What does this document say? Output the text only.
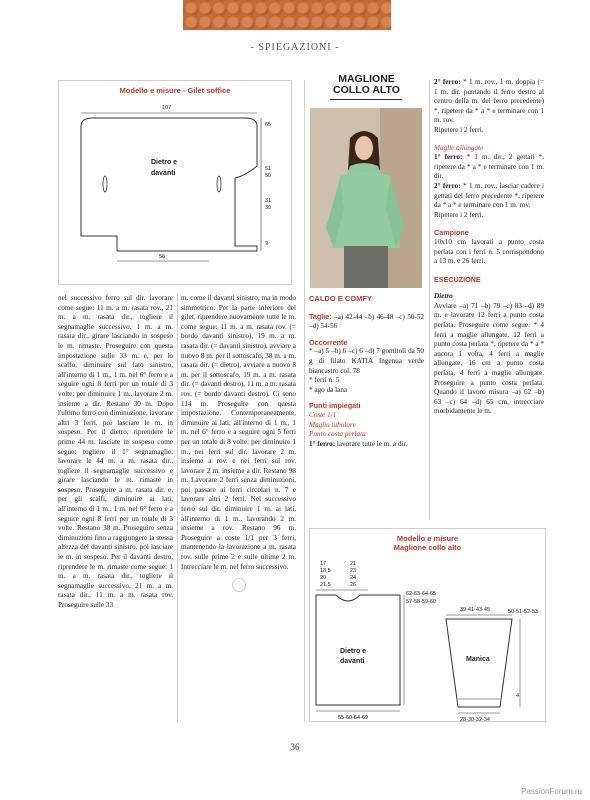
- SPIEGAZIONI -
Modello e misure - Gilet soffice
107
Dietro e
davanti
56
65
51
50
31
30
9

nel successivo ferro sul dir. lavorare come segue: 11 m. a m. rasata rov., 21 m. a m. rasata dir., togliere il segnamaglie successivo, 1 m. a m. rasata dir., girare lasciando in sospeso le m. rimaste. Proseguire con questa impostazione sulle 33 m. e, per lo scalfo, diminuire sul lato sinistro, all'interno di 1 m., 1 m. nel 6° ferro e a seguire ogni 8 ferri per un totale di 3 volte; per diminuire 1 m., lavorare 2 m. insieme a dir. Restano 30 m. Dopo l'ultimo ferro con diminuzione, lavorare altri 3 ferri, poi lasciare le m. in sospeso. Per il dietro, riprendere le prime 44 m. lasciate in sospeso come segue: togliere il 1° segnamaglie, lavorare le 44 m. a m. rasata dir., togliere il segnamaglie successivo e girare lasciando le m. rimaste in sospeso. Proseguire a m. rasata dir. e, per gli scalfi, diminuire ai lati, all'interno di 1 m., 1 m. nel 6° ferro e a seguire ogni 8 ferri per un totale di 3 volte. Restano 38 m. Proseguire senza diminuzioni fino a raggiungere la stessa altezza del davanti sinistro, poi lasciare le m. in sospeso. Per il davanti destro, riprendere le m. rimaste come segue: 1 m. a m. rasata dir., togliere il segnamaglie successivo, 21 m. a m. rasata dir., 11 m. a m. rasata rov. Proseguire sulle 33

m. come il davanti sinistro, ma in modo simmetrico. Per la parte inferiore del gilet, riprendere nuovamente tutte le m. come segue: 11 m. a m. rasata rov. (= bordo davanti sinistro), 19 m. a m. rasata dir. (= davanti sinistro), avviare a nuovo 8 m. per il sottoscafo, 38 m. a m. rasata dir. (= dietro), avviare a nuovo 8 m. per il sottoscafo, 19 m. a m. rasata dir. (= davanti destro), 11 m. a m. rasata rov. (= bordo davanti destro). Ci sono 114 m. Proseguire con questa impostazione. Contemporaneamente, diminuire ai lati, all'interno di 1 m., 1 m. nel 6° ferro e a seguire ogni 5 ferri per un totale di 8 volte: per diminuire 1 m., nei ferri sul dir. lavorare 2 m. insieme a rov. e nei ferri sul rov. lavorare 2 m. insieme a dir. Restano 98 m. Lavorare 2 ferri senza diminuzioni, poi passare ai ferri circolari n. 7 e lavorare altri 2 ferri. Nel successivo ferro sul dir. diminuire 1 m. ai lati, all'interno di 1 m., lavorando 2 m. insieme a rov. Restano 96 m. Proseguire a coste 1/1 per 3 ferri, mantenendo la lavorazione a m. rasata rov. sulle prime 2 e sulle ultime 2 m. Intrecciare le m. nel ferro successivo.

MAGLIONE
COLLO ALTO

CALDO E COMFY

Taglie: –a) 42-44 –b) 46-48 –c) 50-52 –d) 54-56

Occorrente

* –a) 5 –b) 6 –c) 6 –d) 7 gomitoli da 50 g di filato KATIA Ingenua verde biancastro col. 78

* ferri n. 5

* ago da lana

Punti impiegati

Coste 1/1

Maglia tubolare

Punto costa perlata

1° ferro: lavorare tutte le m. a dir.

2° ferro: * 1 m. rov., 1 m. doppia (= 1 m. dir. puntando il ferro destro al centro della m. del ferro precedente) *, ripetere da * a * e terminare con 1 m. rov.

Ripetere i 2 ferri.

Maglie allungate

1° ferro: * 1 m. dir., 2 gettati *, ripetere da * a * e terminare con 1 m. dir.

2° ferro: * 1 m. rov., lasciar cadere i gettati del ferro precedente *, ripetere da * a * e terminare con 1 m. rov.

Ripetere i 2 ferri.

Campione

10x10 cm lavorati a punto costa perlata con i ferri n. 5 corrispondono a 13 m. e 26 ferri.

ESECUZIONE

Dietro

Avviare –a) 71 –b) 79 –c) 83 –d) 89 m. e lavorare 12 ferri a punto costa perlata. Proseguire come segue: * 4 ferri a maglie allungate, 12 ferri a punto costa perlata *, ripetere da * a * ancora 1 volta, 4 ferri a maglie allungate, 16 cm a punto costa perlata, 4 ferri a maglie allungate. Proseguire a punto costa perlata. Quando il lavoro misura –a) 62 –b) 63 –c) 64 –d) 65 cm, intrecciare morbidamente le m.

Modello e misure
Maglione collo alto
17
18,5
20
21,5
21
23
24
26
Dietro e
davanti
62-63-64-65
57-58-59-60
55-60-64-69
39-41-43-45
Manica
50-51-52-53
4
28-30-32-34
36
PassionForum.ru
